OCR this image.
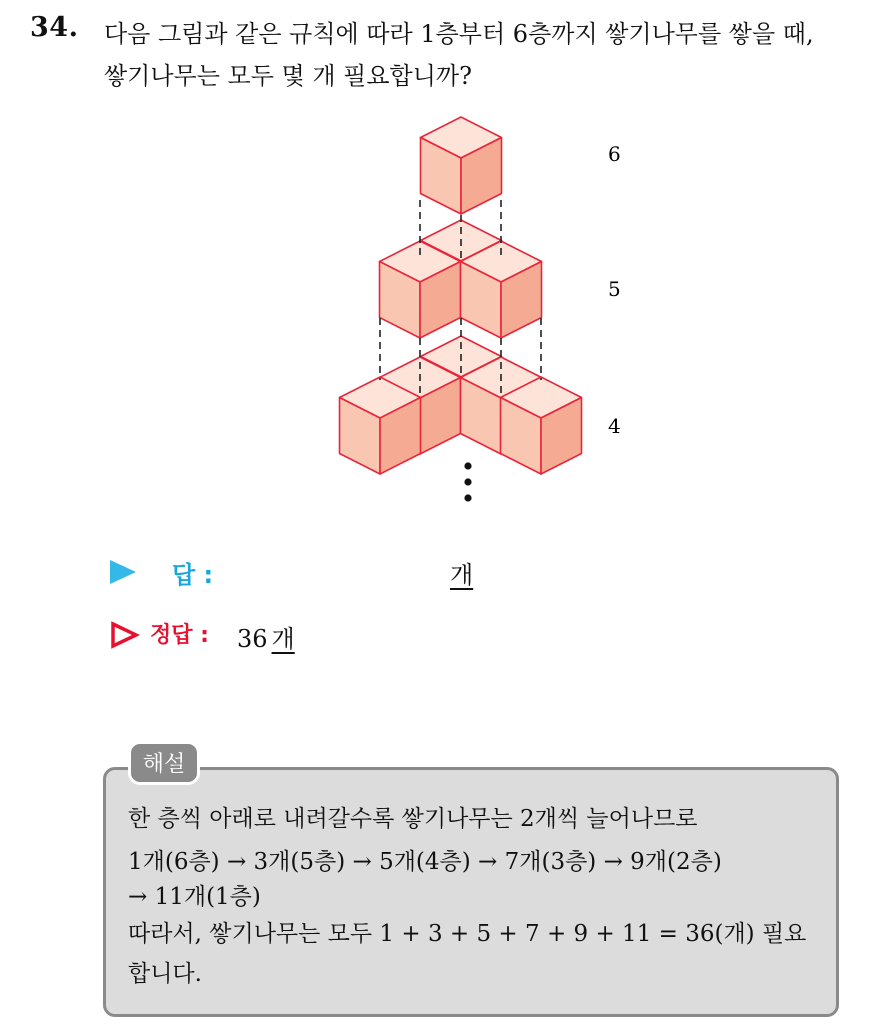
34. 다음 그림과 같은 규칙에 따라 1층부터 6층까지 쌓기나무를 쌓을 때,
쌓기나무는 모두 몇 개 필요합니까?
6
5
4
답 :	개
정답 : 36 개
해설
한 층씩 아래로 내려갈수록 쌓기나무는 2개씩 늘어나므로
1개(6층) → 3개(5층) → 5개(4층) → 7개(3층) → 9개(2층)
→ 11개(1층)
따라서, 쌓기나무는 모두 1 + 3 + 5 + 7 + 9 + 11 = 36(개) 필요
합니다.
